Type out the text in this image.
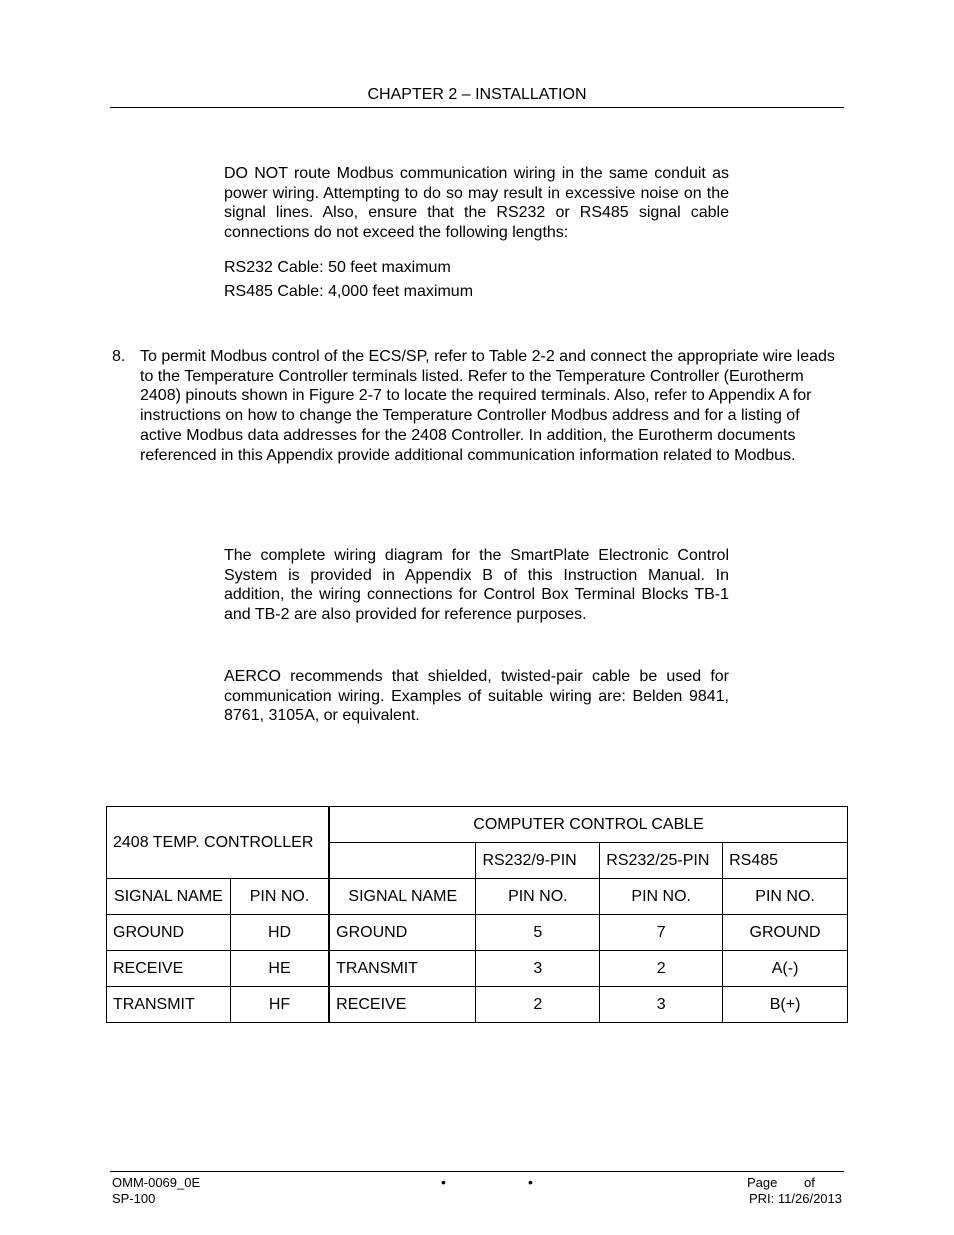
CHAPTER 2 – INSTALLATION
DO NOT route Modbus communication wiring in the same conduit as power wiring. Attempting to do so may result in excessive noise on the signal lines. Also, ensure that the RS232 or RS485 signal cable connections do not exceed the following lengths:
RS232 Cable: 50 feet maximum
RS485 Cable: 4,000 feet maximum
8. To permit Modbus control of the ECS/SP, refer to Table 2-2 and connect the appropriate wire leads to the Temperature Controller terminals listed. Refer to the Temperature Controller (Eurotherm 2408) pinouts shown in Figure 2-7 to locate the required terminals. Also, refer to Appendix A for instructions on how to change the Temperature Controller Modbus address and for a listing of active Modbus data addresses for the 2408 Controller. In addition, the Eurotherm documents referenced in this Appendix provide additional communication information related to Modbus.
The complete wiring diagram for the SmartPlate Electronic Control System is provided in Appendix B of this Instruction Manual. In addition, the wiring connections for Control Box Terminal Blocks TB-1 and TB-2 are also provided for reference purposes.
AERCO recommends that shielded, twisted-pair cable be used for communication wiring. Examples of suitable wiring are: Belden 9841, 8761, 3105A, or equivalent.
2408 TEMP. CONTROLLER		COMPUTER CONTROL CABLE			
			RS232/9-PIN	RS232/25-PIN	RS485
SIGNAL NAME	PIN NO.	SIGNAL NAME	PIN NO.	PIN NO.	PIN NO.
GROUND	HD	GROUND	5	7	GROUND
RECEIVE	HE	TRANSMIT	3	2	A(-)
TRANSMIT	HF	RECEIVE	2	3	B(+)
OMM-0069_0E
SP-100
•	•	Page of
PRI: 11/26/2013
